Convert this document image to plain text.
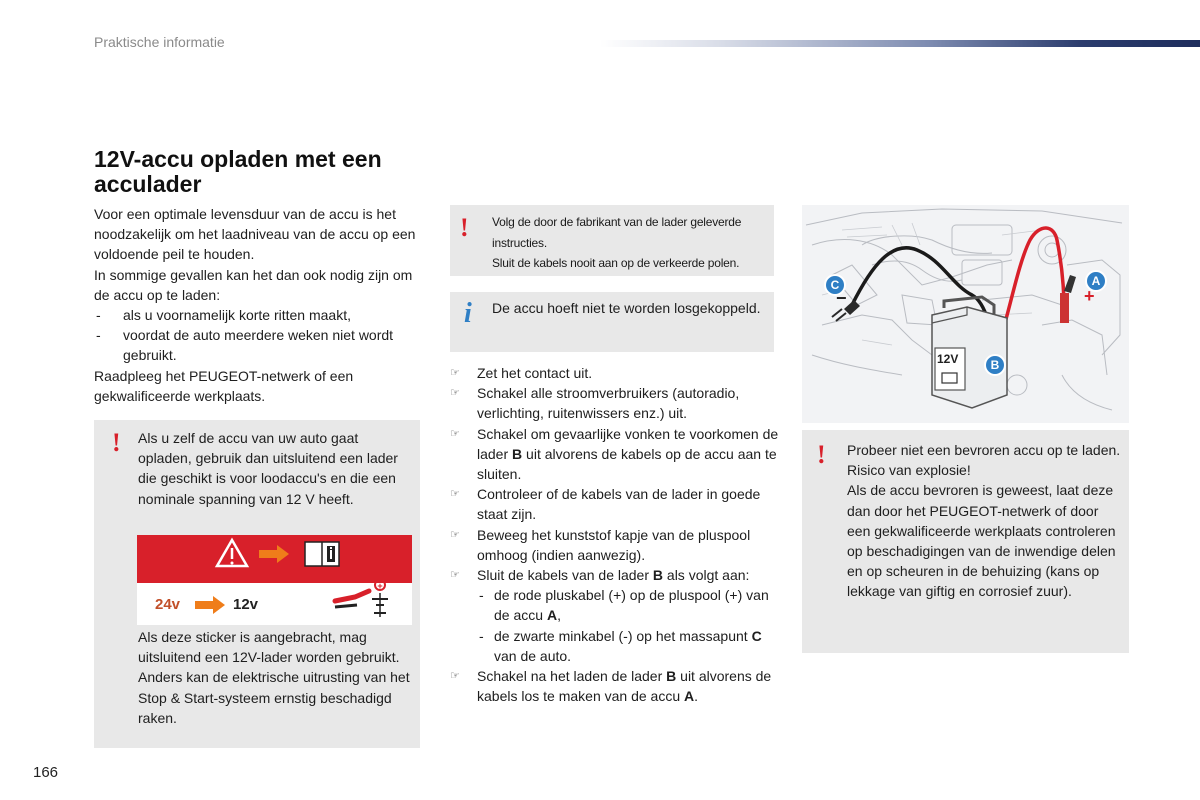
Praktische informatie
12V-accu opladen met een acculader

Voor een optimale levensduur van de accu is het noodzakelijk om het laadniveau van de accu op een voldoende peil te houden.

In sommige gevallen kan het dan ook nodig zijn om de accu op te laden:

- als u voornamelijk korte ritten maakt,
- voordat de auto meerdere weken niet wordt gebruikt.

Raadpleeg het PEUGEOT-netwerk of een gekwalificeerde werkplaats.

! Als u zelf de accu van uw auto gaat opladen, gebruik dan uitsluitend een lader die geschikt is voor loodaccu's en die een nominale spanning van 12 V heeft.

Als deze sticker is aangebracht, mag uitsluitend een 12V-lader worden gebruikt. Anders kan de elektrische uitrusting van het Stop & Start-systeem ernstig beschadigd raken.

+
24v	12v
! Volg de door de fabrikant van de lader geleverde instructies.

Sluit de kabels nooit aan op de verkeerde polen.

i De accu hoeft niet te worden losgekoppeld.

☞ Zet het contact uit.
☞ Schakel alle stroomverbruikers (autoradio, verlichting, ruitenwissers enz.) uit.
☞ Schakel om gevaarlijke vonken te voorkomen de lader B uit alvorens de kabels op de accu aan te sluiten.
☞ Controleer of de kabels van de lader in goede staat zijn.
☞ Beweeg het kunststof kapje van de pluspool omhoog (indien aanwezig).
☞ Sluit de kabels van de lader B als volgt aan:
- de rode pluskabel (+) op de pluspool (+) van de accu A,
- de zwarte minkabel (-) op het massapunt C van de auto.
☞ Schakel na het laden de lader B uit alvorens de kabels los te maken van de accu A.
A
B
C
12V
+
−
! Probeer niet een bevroren accu op te laden. Risico van explosie!

Als de accu bevroren is geweest, laat deze dan door het PEUGEOT-netwerk of door een gekwalificeerde werkplaats controleren op beschadigingen van de inwendige delen en op scheuren in de behuizing (kans op lekkage van giftig en corrosief zuur).

166
